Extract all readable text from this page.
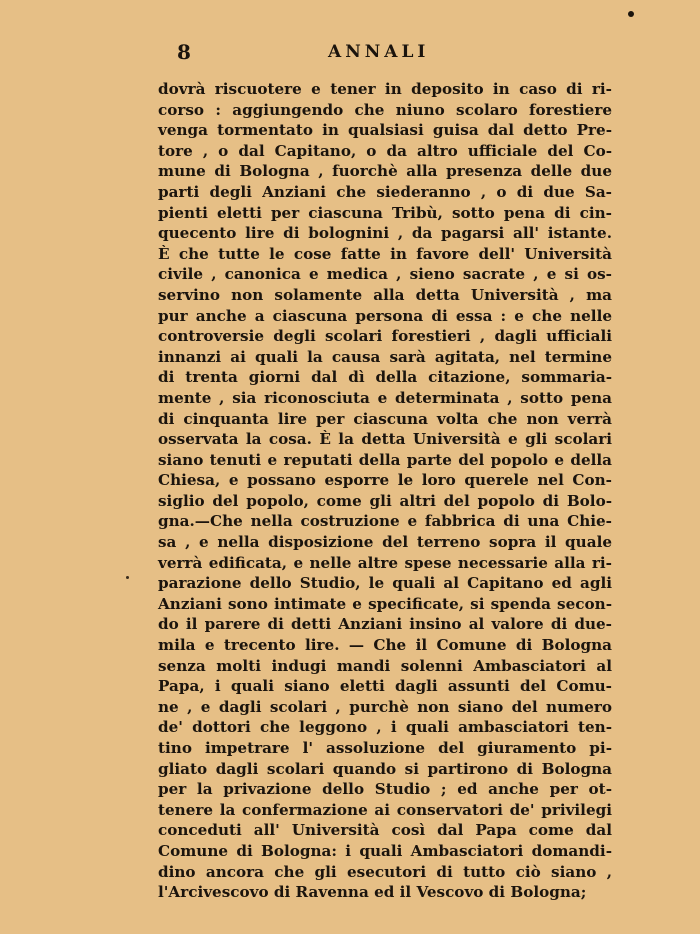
8	ANNALI
dovrà riscuotere e tener in deposito in caso di ri-
corso : aggiungendo che niuno scolaro forestiere
venga tormentato in qualsiasi guisa dal detto Pre-
tore , o dal Capitano, o da altro ufficiale del Co-
mune di Bologna , fuorchè alla presenza delle due
parti degli Anziani che siederanno , o di due Sa-
pienti eletti per ciascuna Tribù, sotto pena di cin-
quecento lire di bolognini , da pagarsi all' istante.
È che tutte le cose fatte in favore dell' Università
civile , canonica e medica , sieno sacrate , e si os-
servino non solamente alla detta Università , ma
pur anche a ciascuna persona di essa : e che nelle
controversie degli scolari forestieri , dagli ufficiali
innanzi ai quali la causa sarà agitata, nel termine
di trenta giorni dal dì della citazione, sommaria-
mente , sia riconosciuta e determinata , sotto pena
di cinquanta lire per ciascuna volta che non verrà
osservata la cosa. È la detta Università e gli scolari
siano tenuti e reputati della parte del popolo e della
Chiesa, e possano esporre le loro querele nel Con-
siglio del popolo, come gli altri del popolo di Bolo-
gna.—Che nella costruzione e fabbrica di una Chie-
sa , e nella disposizione del terreno sopra il quale
verrà edificata, e nelle altre spese necessarie alla ri-
parazione dello Studio, le quali al Capitano ed agli
Anziani sono intimate e specificate, si spenda secon-
do il parere di detti Anziani insino al valore di due-
mila e trecento lire. — Che il Comune di Bologna
senza molti indugi mandi solenni Ambasciatori al
Papa, i quali siano eletti dagli assunti del Comu-
ne , e dagli scolari , purchè non siano del numero
de' dottori che leggono , i quali ambasciatori ten-
tino impetrare l' assoluzione del giuramento pi-
gliato dagli scolari quando si partirono di Bologna
per la privazione dello Studio ; ed anche per ot-
tenere la confermazione ai conservatori de' privilegi
conceduti all' Università così dal Papa come dal
Comune di Bologna: i quali Ambasciatori domandi-
dino ancora che gli esecutori di tutto ciò siano ,
l'Arcivescovo di Ravenna ed il Vescovo di Bologna;
